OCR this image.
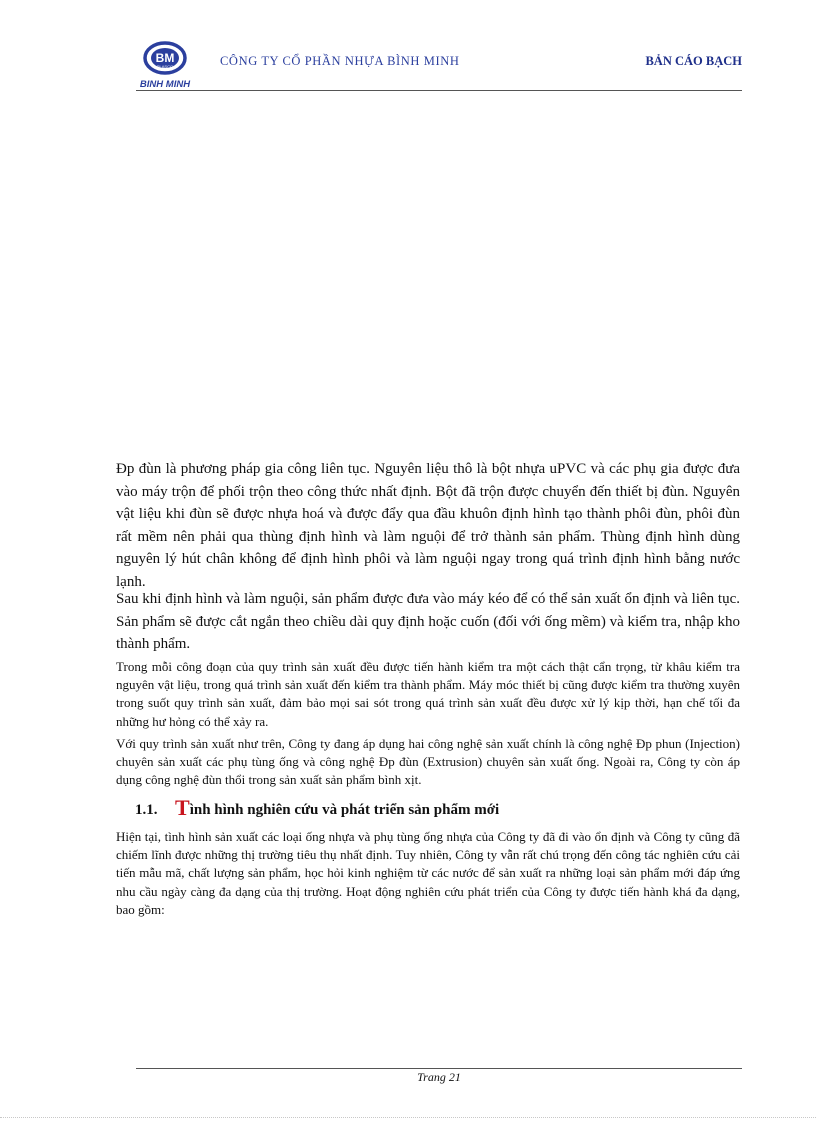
BM
PLASCO
BINH MINH
CÔNG TY CỔ PHẦN NHỰA BÌNH MINH	BẢN CÁO BẠCH

Ðp đùn là phương pháp gia công liên tục. Nguyên liệu thô là bột nhựa uPVC và các phụ gia được đưa vào máy trộn để phối trộn theo công thức nhất định. Bột đã trộn được chuyển đến thiết bị đùn. Nguyên vật liệu khi đùn sẽ được nhựa hoá và được đẩy qua đầu khuôn định hình tạo thành phôi đùn, phôi đùn rất mềm nên phải qua thùng định hình và làm nguội để trở thành sản phẩm. Thùng định hình dùng nguyên lý hút chân không để định hình phôi và làm nguội ngay trong quá trình định hình bằng nước lạnh.

Sau khi định hình và làm nguội, sản phẩm được đưa vào máy kéo để có thể sản xuất ổn định và liên tục. Sản phẩm sẽ được cắt ngắn theo chiều dài quy định hoặc cuốn (đối với ống mềm) và kiểm tra, nhập kho thành phẩm.

Trong mỗi công đoạn của quy trình sản xuất đều được tiến hành kiểm tra một cách thật cẩn trọng, từ khâu kiểm tra nguyên vật liệu, trong quá trình sản xuất đến kiểm tra thành phẩm. Máy móc thiết bị cũng được kiểm tra thường xuyên trong suốt quy trình sản xuất, đảm bảo mọi sai sót trong quá trình sản xuất đều được xử lý kịp thời, hạn chế tối đa những hư hỏng có thể xảy ra.

Với quy trình sản xuất như trên, Công ty đang áp dụng hai công nghệ sản xuất chính là công nghệ Ðp phun (Injection) chuyên sản xuất các phụ tùng ống và công nghệ Ðp đùn (Extrusion) chuyên sản xuất ống. Ngoài ra, Công ty còn áp dụng công nghệ đùn thổi trong sản xuất sản phẩm bình xịt.

1.1. Tình hình nghiên cứu và phát triển sản phẩm mới

Hiện tại, tình hình sản xuất các loại ống nhựa và phụ tùng ống nhựa của Công ty đã đi vào ổn định và Công ty cũng đã chiếm lĩnh được những thị trường tiêu thụ nhất định. Tuy nhiên, Công ty vẫn rất chú trọng đến công tác nghiên cứu cải tiến mẫu mã, chất lượng sản phẩm, học hỏi kinh nghiệm từ các nước để sản xuất ra những loại sản phẩm mới đáp ứng nhu cầu ngày càng đa dạng của thị trường. Hoạt động nghiên cứu phát triển của Công ty được tiến hành khá đa dạng, bao gồm:

Trang 21
